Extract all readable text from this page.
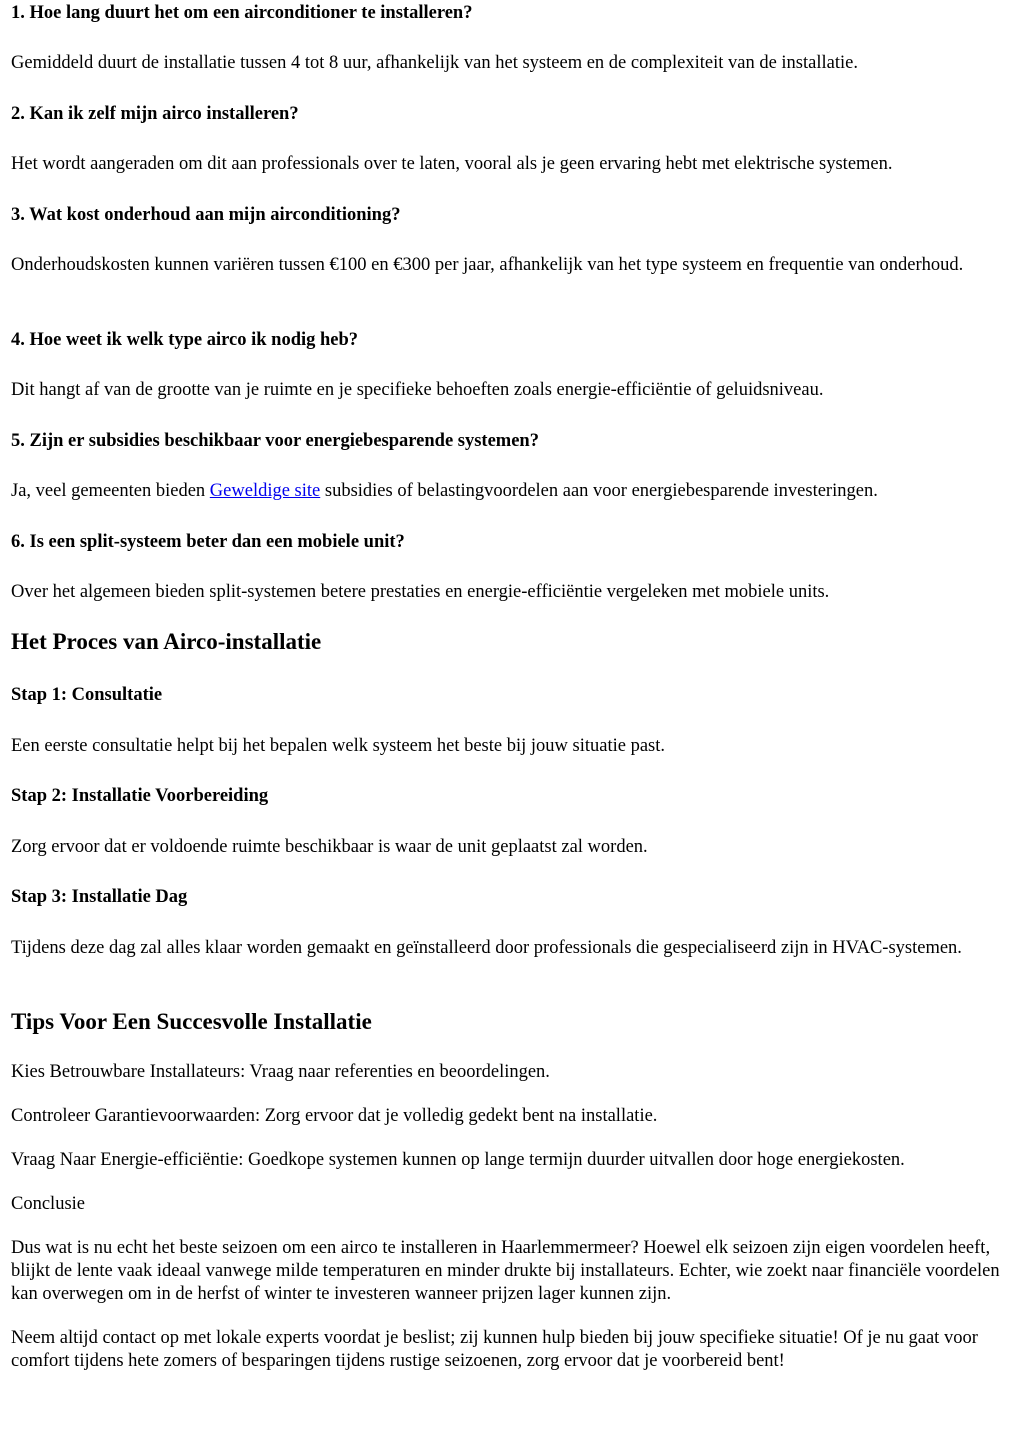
1. Hoe lang duurt het om een airconditioner te installeren?

Gemiddeld duurt de installatie tussen 4 tot 8 uur, afhankelijk van het systeem en de complexiteit van de installatie.

2. Kan ik zelf mijn airco installeren?

Het wordt aangeraden om dit aan professionals over te laten, vooral als je geen ervaring hebt met elektrische systemen.

3. Wat kost onderhoud aan mijn airconditioning?

Onderhoudskosten kunnen variëren tussen €100 en €300 per jaar, afhankelijk van het type systeem en frequentie van onderhoud.

4. Hoe weet ik welk type airco ik nodig heb?

Dit hangt af van de grootte van je ruimte en je specifieke behoeften zoals energie-efficiëntie of geluidsniveau.

5. Zijn er subsidies beschikbaar voor energiebesparende systemen?

Ja, veel gemeenten bieden Geweldige site subsidies of belastingvoordelen aan voor energiebesparende investeringen.

6. Is een split-systeem beter dan een mobiele unit?

Over het algemeen bieden split-systemen betere prestaties en energie-efficiëntie vergeleken met mobiele units.

Het Proces van Airco-installatie

Stap 1: Consultatie

Een eerste consultatie helpt bij het bepalen welk systeem het beste bij jouw situatie past.

Stap 2: Installatie Voorbereiding

Zorg ervoor dat er voldoende ruimte beschikbaar is waar de unit geplaatst zal worden.

Stap 3: Installatie Dag

Tijdens deze dag zal alles klaar worden gemaakt en geïnstalleerd door professionals die gespecialiseerd zijn in HVAC-systemen.

Tips Voor Een Succesvolle Installatie

Kies Betrouwbare Installateurs: Vraag naar referenties en beoordelingen.

Controleer Garantievoorwaarden: Zorg ervoor dat je volledig gedekt bent na installatie.

Vraag Naar Energie-efficiëntie: Goedkope systemen kunnen op lange termijn duurder uitvallen door hoge energiekosten.

Conclusie

Dus wat is nu echt het beste seizoen om een airco te installeren in Haarlemmermeer? Hoewel elk seizoen zijn eigen voordelen heeft, blijkt de lente vaak ideaal vanwege milde temperaturen en minder drukte bij installateurs. Echter, wie zoekt naar financiële voordelen kan overwegen om in de herfst of winter te investeren wanneer prijzen lager kunnen zijn.

Neem altijd contact op met lokale experts voordat je beslist; zij kunnen hulp bieden bij jouw specifieke situatie! Of je nu gaat voor comfort tijdens hete zomers of besparingen tijdens rustige seizoenen, zorg ervoor dat je voorbereid bent!
